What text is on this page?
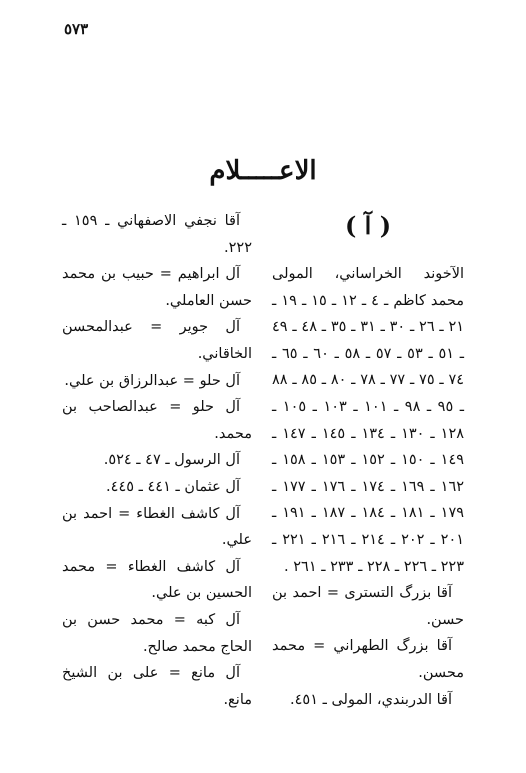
٥٧٣
الاعـــــلام
( آ )

الآخوند الخراساني، المولى محمد كاظم ـ ٤ ـ ١٢ ـ ١٥ ـ ١٩ ـ ٢١ ـ ٢٦ ـ ٣٠ ـ ٣١ ـ ٣٥ ـ ٤٨ ـ ٤٩ ـ ٥١ ـ ٥٣ ـ ٥٧ ـ ٥٨ ـ ٦٠ ـ ٦٥ ـ ٧٤ ـ ٧٥ ـ ٧٧ ـ ٧٨ ـ ٨٠ ـ ٨٥ ـ ٨٨ ـ ٩٥ ـ ٩٨ ـ ١٠١ ـ ١٠٣ ـ ١٠٥ ـ ١٢٨ ـ ١٣٠ ـ ١٣٤ ـ ١٤٥ ـ ١٤٧ ـ ١٤٩ ـ ١٥٠ ـ ١٥٢ ـ ١٥٣ ـ ١٥٨ ـ ١٦٢ ـ ١٦٩ ـ ١٧٤ ـ ١٧٦ ـ ١٧٧ ـ ١٧٩ ـ ١٨١ ـ ١٨٤ ـ ١٨٧ ـ ١٩١ ـ ٢٠١ ـ ٢٠٢ ـ ٢١٤ ـ ٢١٦ ـ ٢٢١ ـ ٢٢٣ ـ ٢٢٦ ـ ٢٢٨ ـ ٢٣٣ ـ ٢٦١ .

آقا بزرگ التسترى = احمد بن حسن.

آقا بزرگ الطهراني = محمد محسن.

آقا الدربندي، المولى ـ ٤٥١.

آقا نجفي الاصفهاني ـ ١٥٩ ـ ٢٢٢.

آل ابراهيم = حبيب بن محمد حسن العاملي.

آل جوير = عبدالمحسن الخاقاني.

آل حلو = عبدالرزاق بن علي.

آل حلو = عبدالصاحب بن محمد.

آل الرسول ـ ٤٧ ـ ٥٢٤.

آل عثمان ـ ٤٤١ ـ ٤٤٥.

آل كاشف الغطاء = احمد بن علي.

آل كاشف الغطاء = محمد الحسين بن علي.

آل كبه = محمد حسن بن الحاج محمد صالح.

آل مانع = على بن الشيخ مانع.
